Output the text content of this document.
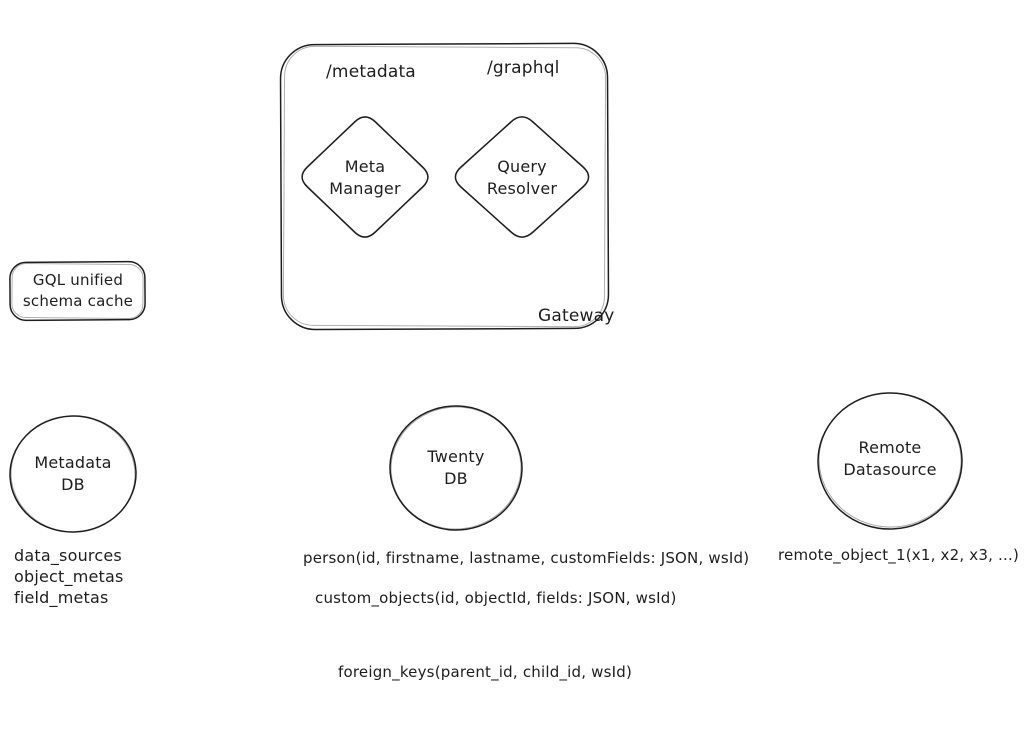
/metadata	/graphql
Meta
Manager
Query
Resolver
Gateway
GQL unified
schema cache
Metadata
DB
Twenty
DB
Remote
Datasource
data_sources
object_metas
field_metas
person(id, firstname, lastname, customFields: JSON, wsId)
custom_objects(id, objectId, fields: JSON, wsId)
foreign_keys(parent_id, child_id, wsId)
remote_object_1(x1, x2, x3, ...)
